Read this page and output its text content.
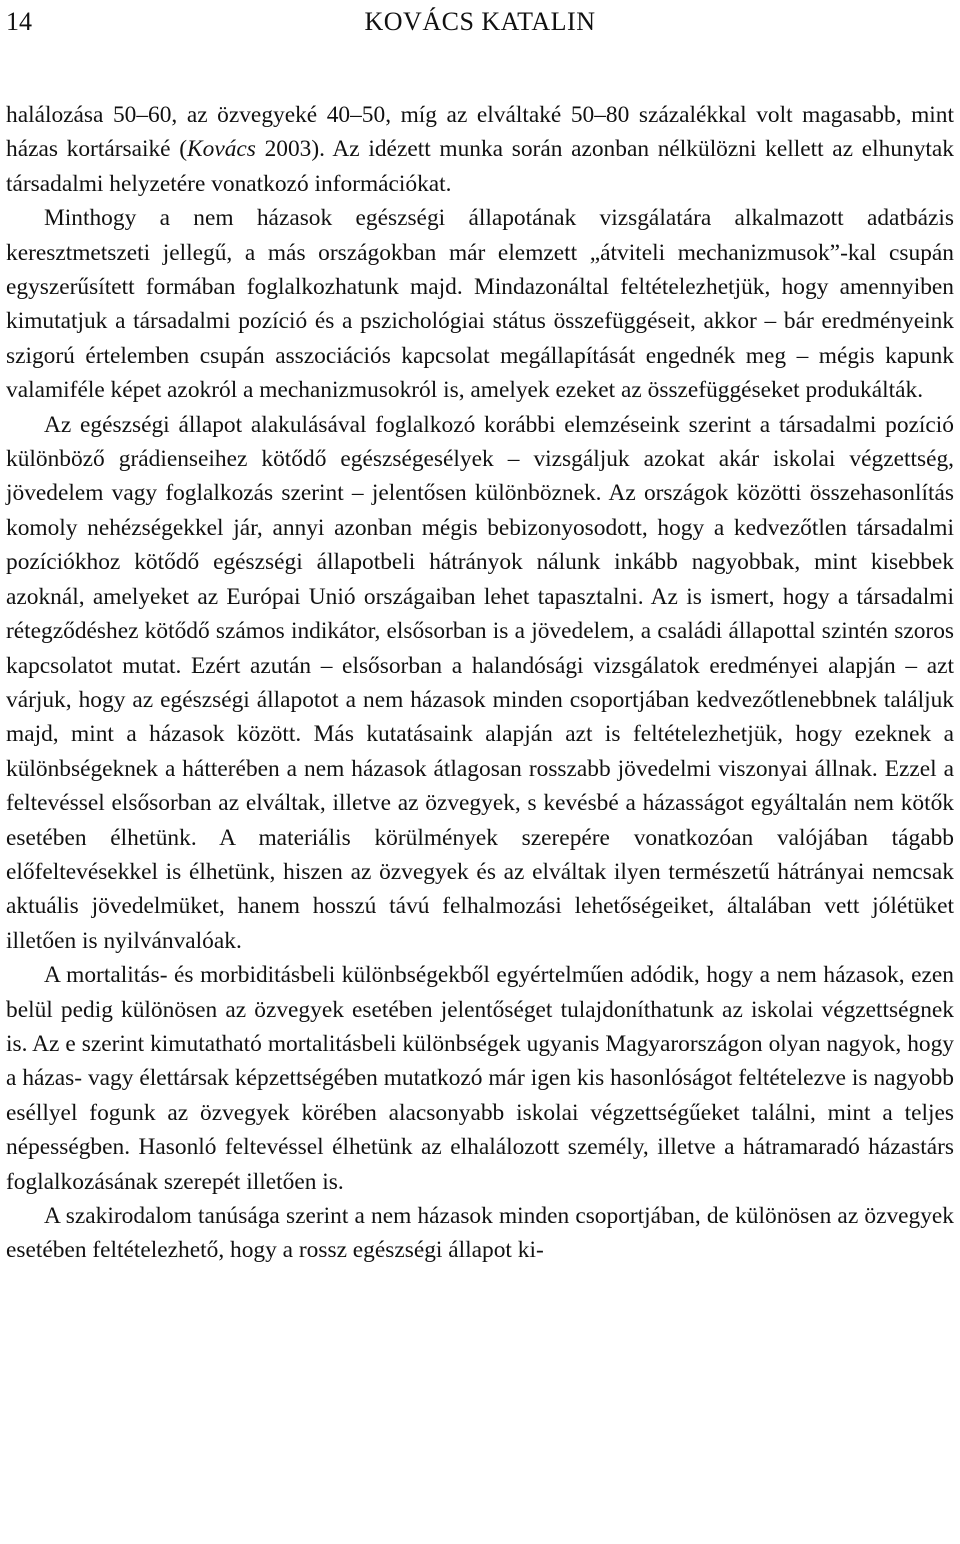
14	KOVÁCS KATALIN

halálozása 50–60, az özvegyeké 40–50, míg az elváltaké 50–80 százalékkal volt magasabb, mint házas kortársaiké (Kovács 2003). Az idézett munka során azonban nélkülözni kellett az elhunytak társadalmi helyzetére vonatkozó információkat.

Minthogy a nem házasok egészségi állapotának vizsgálatára alkalmazott adatbázis keresztmetszeti jellegű, a más országokban már elemzett „átviteli mechanizmusok”-kal csupán egyszerűsített formában foglalkozhatunk majd. Mindazonáltal feltételezhetjük, hogy amennyiben kimutatjuk a társadalmi pozíció és a pszichológiai státus összefüggéseit, akkor – bár eredményeink szigorú értelemben csupán asszociációs kapcsolat megállapítását engednék meg – mégis kapunk valamiféle képet azokról a mechanizmusokról is, amelyek ezeket az összefüggéseket produkálták.

Az egészségi állapot alakulásával foglalkozó korábbi elemzéseink szerint a társadalmi pozíció különböző grádienseihez kötődő egészségesélyek – vizsgáljuk azokat akár iskolai végzettség, jövedelem vagy foglalkozás szerint – jelentősen különböznek. Az országok közötti összehasonlítás komoly nehézségekkel jár, annyi azonban mégis bebizonyosodott, hogy a kedvezőtlen társadalmi pozíciókhoz kötődő egészségi állapotbeli hátrányok nálunk inkább nagyobbak, mint kisebbek azoknál, amelyeket az Európai Unió országaiban lehet tapasztalni. Az is ismert, hogy a társadalmi rétegződéshez kötődő számos indikátor, elsősorban is a jövedelem, a családi állapottal szintén szoros kapcsolatot mutat. Ezért azután – elsősorban a halandósági vizsgálatok eredményei alapján – azt várjuk, hogy az egészségi állapotot a nem házasok minden csoportjában kedvezőtlenebbnek találjuk majd, mint a házasok között. Más kutatásaink alapján azt is feltételezhetjük, hogy ezeknek a különbségeknek a hátterében a nem házasok átlagosan rosszabb jövedelmi viszonyai állnak. Ezzel a feltevéssel elsősorban az elváltak, illetve az özvegyek, s kevésbé a házasságot egyáltalán nem kötők esetében élhetünk. A materiális körülmények szerepére vonatkozóan valójában tágabb előfeltevésekkel is élhetünk, hiszen az özvegyek és az elváltak ilyen természetű hátrányai nemcsak aktuális jövedelmüket, hanem hosszú távú felhalmozási lehetőségeiket, általában vett jólétüket illetően is nyilvánvalóak.

A mortalitás- és morbiditásbeli különbségekből egyértelműen adódik, hogy a nem házasok, ezen belül pedig különösen az özvegyek esetében jelentőséget tulajdoníthatunk az iskolai végzettségnek is. Az e szerint kimutatható mortalitásbeli különbségek ugyanis Magyarországon olyan nagyok, hogy a házas- vagy élettársak képzettségében mutatkozó már igen kis hasonlóságot feltételezve is nagyobb eséllyel fogunk az özvegyek körében alacsonyabb iskolai végzettségűeket találni, mint a teljes népességben. Hasonló feltevéssel élhetünk az elhalálozott személy, illetve a hátramaradó házastárs foglalkozásának szerepét illetően is.

A szakirodalom tanúsága szerint a nem házasok minden csoportjában, de különösen az özvegyek esetében feltételezhető, hogy a rossz egészségi állapot ki-
